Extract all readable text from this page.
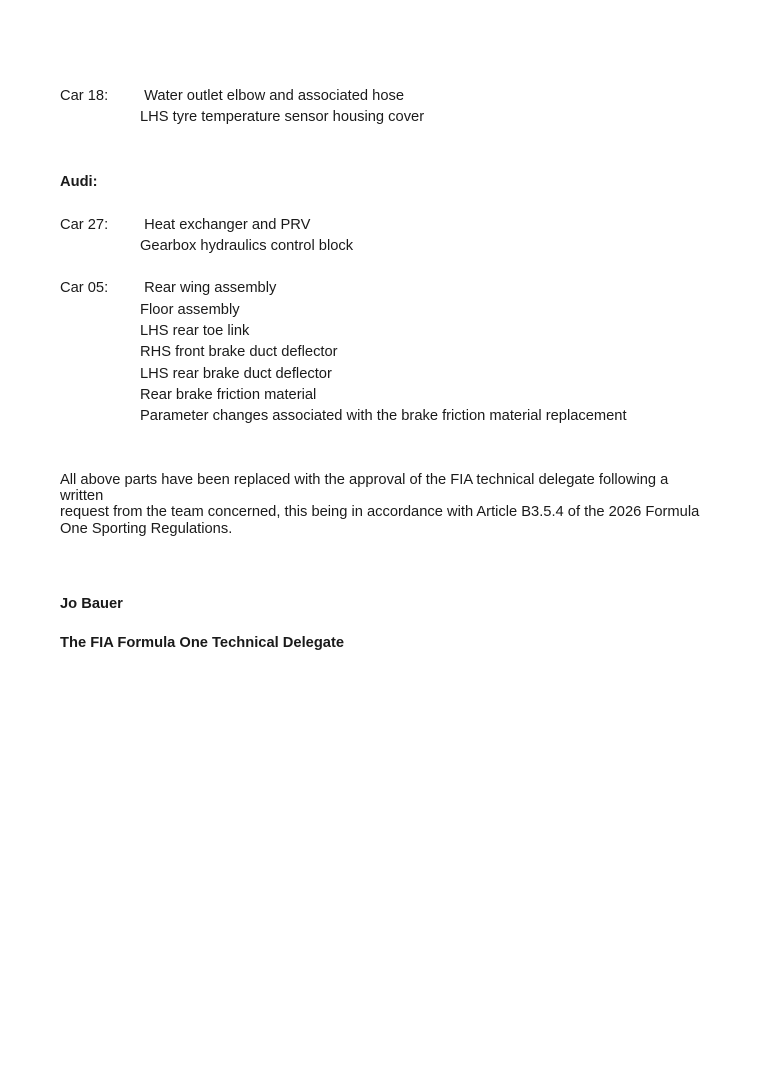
Car 18:	Water outlet elbow and associated hose
LHS tyre temperature sensor housing cover
Audi:
Car 27:	Heat exchanger and PRV
Gearbox hydraulics control block
Car 05:	Rear wing assembly
Floor assembly
LHS rear toe link
RHS front brake duct deflector
LHS rear brake duct deflector
Rear brake friction material
Parameter changes associated with the brake friction material replacement
All above parts have been replaced with the approval of the FIA technical delegate following a written
request from the team concerned, this being in accordance with Article B3.5.4 of the 2026 Formula
One Sporting Regulations.
Jo Bauer
The FIA Formula One Technical Delegate
